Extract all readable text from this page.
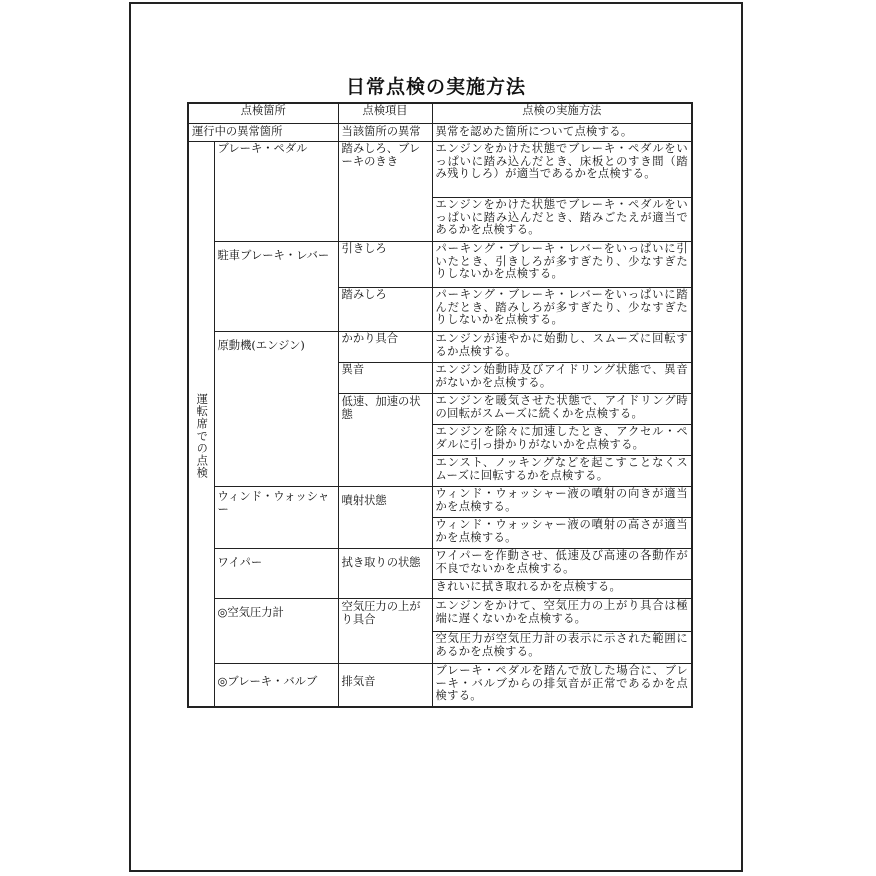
日常点検の実施方法
点検箇所		点検項目	点検の実施方法
運行中の異常箇所		当該箇所の異常	異常を認めた箇所について点検する。

運転席での点検	ブレーキ・ペダル	踏みしろ、ブレーキのきき	エンジンをかけた状態でブレーキ・ペダルをいっぱいに踏み込んだとき、床板とのすき間（踏み残りしろ）が適当であるかを点検する。
			エンジンをかけた状態でブレーキ・ペダルをいっぱいに踏み込んだとき、踏みごたえが適当であるかを点検する。
	駐車ブレーキ・レバー	引きしろ	パーキング・ブレーキ・レバーをいっぱいに引いたとき、引きしろが多すぎたり、少なすぎたりしないかを点検する。
		踏みしろ	パーキング・ブレーキ・レバーをいっぱいに踏んだとき、踏みしろが多すぎたり、少なすぎたりしないかを点検する。
	原動機(エンジン)	かかり具合	エンジンが速やかに始動し、スムーズに回転するか点検する。
		異音	エンジン始動時及びアイドリング状態で、異音がないかを点検する。
		低速、加速の状態	エンジンを暖気させた状態で、アイドリング時の回転がスムーズに続くかを点検する。
			エンジンを除々に加速したとき、アクセル・ペダルに引っ掛かりがないかを点検する。
			エンスト、ノッキングなどを起こすことなくスムーズに回転するかを点検する。
	ウィンド・ウォッシャー	噴射状態	ウィンド・ウォッシャー液の噴射の向きが適当かを点検する。
			ウィンド・ウォッシャー液の噴射の高さが適当かを点検する。
	ワイパー	拭き取りの状態	ワイパーを作動させ、低速及び高速の各動作が不良でないかを点検する。
			きれいに拭き取れるかを点検する。
	◎空気圧力計	空気圧力の上がり具合	エンジンをかけて、空気圧力の上がり具合は極端に遅くないかを点検する。
			空気圧力が空気圧力計の表示に示された範囲にあるかを点検する。
	◎ブレーキ・バルブ	排気音	ブレーキ・ペダルを踏んで放した場合に、ブレーキ・バルブからの排気音が正常であるかを点検する。
